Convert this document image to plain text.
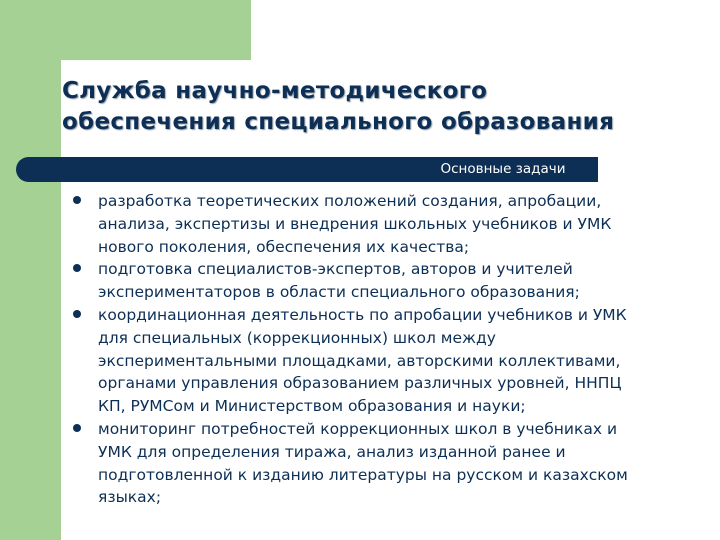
Служба научно-методического
обеспечения специального образования
Основные задачи
разработка теоретических положений создания, апробации,
анализа, экспертизы и внедрения школьных учебников и УМК
нового поколения, обеспечения их качества;
подготовка специалистов-экспертов, авторов и учителей
экспериментаторов в области специального образования;
координационная деятельность по апробации учебников и УМК
для специальных (коррекционных) школ между
экспериментальными площадками, авторскими коллективами,
органами управления образованием различных уровней, ННПЦ
КП, РУМСом и Министерством образования и науки;
мониторинг потребностей коррекционных школ в учебниках и
УМК для определения тиража, анализ изданной ранее и
подготовленной к изданию литературы на русском и казахском
языках;
